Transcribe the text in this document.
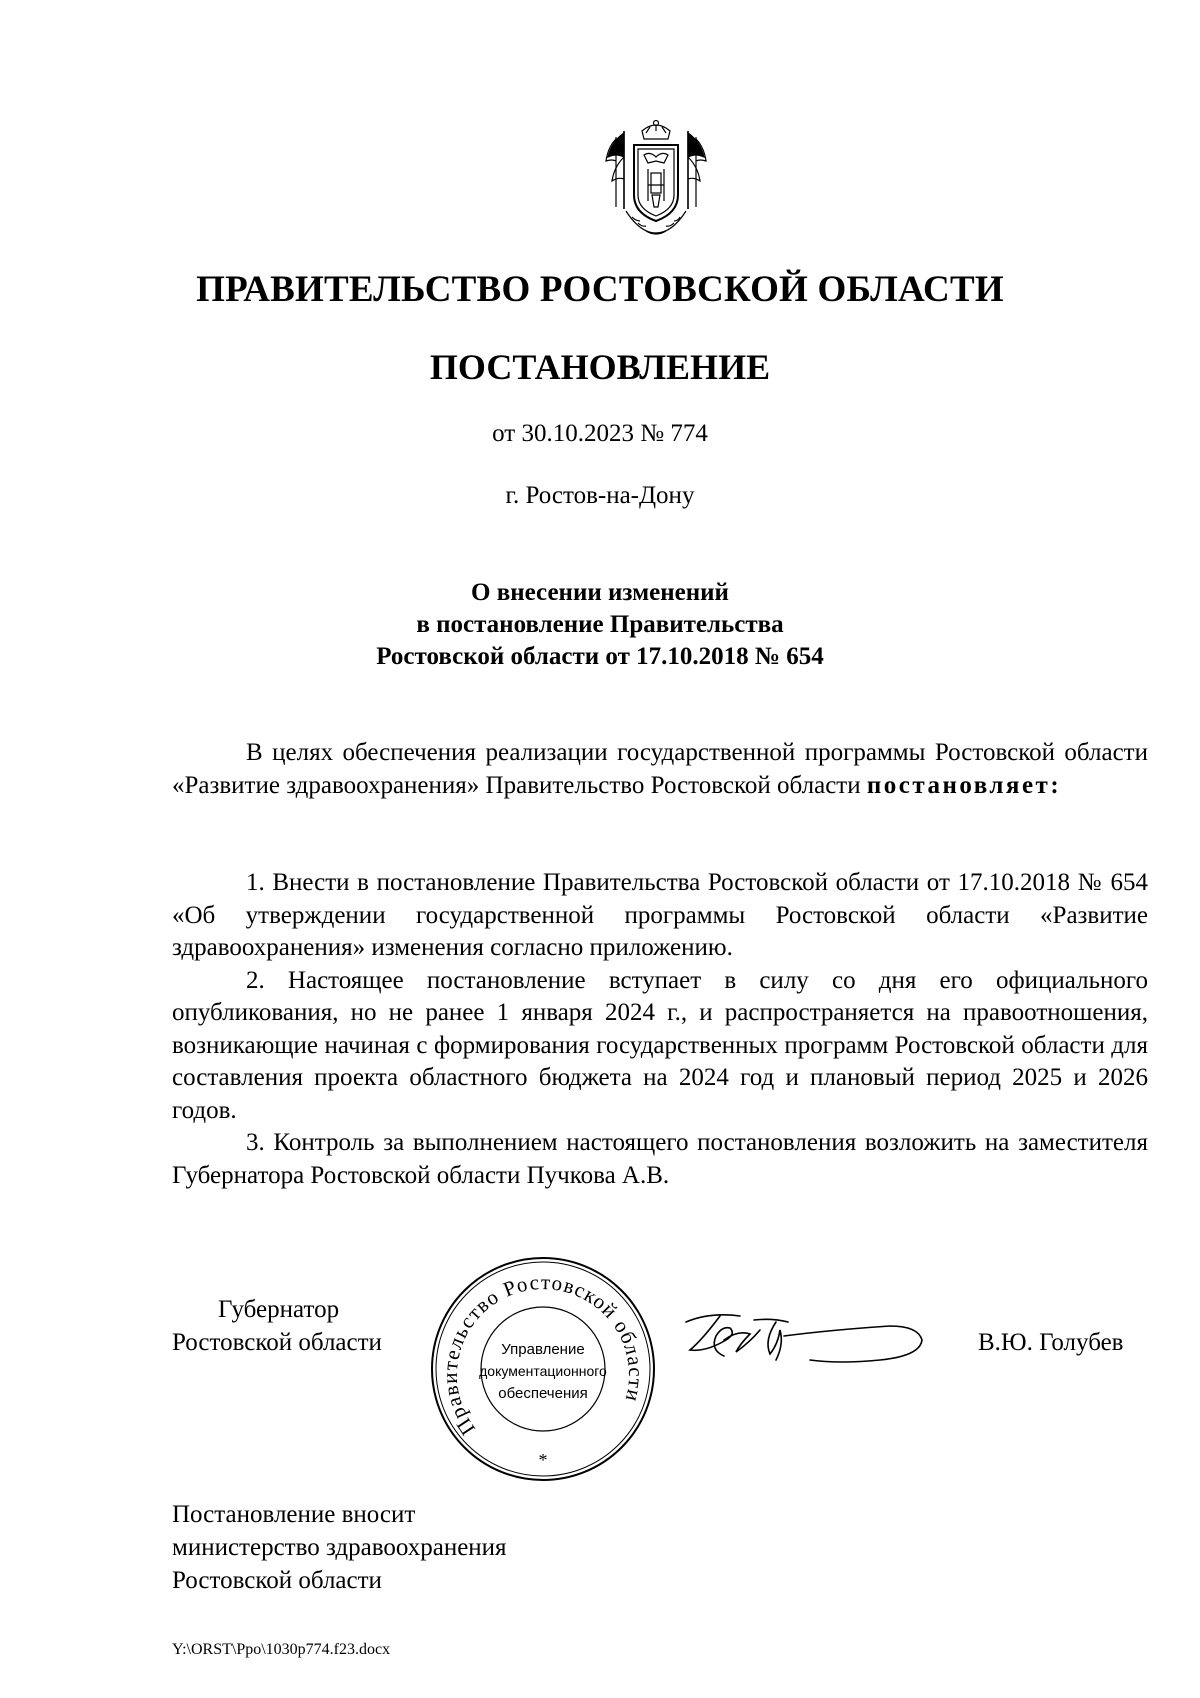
ПРАВИТЕЛЬСТВО РОСТОВСКОЙ ОБЛАСТИ
ПОСТАНОВЛЕНИЕ
от 30.10.2023 № 774
г. Ростов-на-Дону
О внесении изменений
в постановление Правительства
Ростовской области от 17.10.2018 № 654

В целях обеспечения реализации государственной программы Ростовской области «Развитие здравоохранения» Правительство Ростовской области постановляет:

1. Внести в постановление Правительства Ростовской области от 17.10.2018 № 654 «Об утверждении государственной программы Ростовской области «Развитие здравоохранения» изменения согласно приложению.

2. Настоящее постановление вступает в силу со дня его официального опубликования, но не ранее 1 января 2024 г., и распространяется на правоотношения, возникающие начиная с формирования государственных программ Ростовской области для составления проекта областного бюджета на 2024 год и плановый период 2025 и 2026 годов.

3. Контроль за выполнением настоящего постановления возложить на заместителя Губернатора Ростовской области Пучкова А.В.

Губернатор
Ростовской области
Правительство Ростовской области
Управление
документационного
обеспечения
*
В.Ю. Голубев
Постановление вносит
министерство здравоохранения
Ростовской области
Y:\ORST\Ppo\1030p774.f23.docx
